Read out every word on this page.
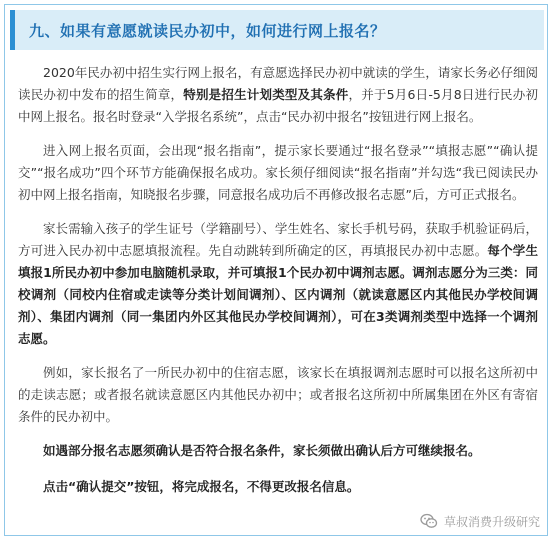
九、如果有意愿就读民办初中，如何进行网上报名？

2020年民办初中招生实行网上报名，有意愿选择民办初中就读的学生，请家长务必仔细阅读民办初中发布的招生简章，特别是招生计划类型及其条件，并于5月6日-5月8日进行民办初中网上报名。报名时登录“入学报名系统”，点击“民办初中报名”按钮进行网上报名。

进入网上报名页面，会出现“报名指南”，提示家长要通过“报名登录”“填报志愿”“确认提交”“报名成功”四个环节方能确保报名成功。家长须仔细阅读“报名指南”并勾选“我已阅读民办初中网上报名指南，知晓报名步骤，同意报名成功后不再修改报名志愿”后，方可正式报名。

家长需输入孩子的学生证号（学籍副号）、学生姓名、家长手机号码，获取手机验证码后，方可进入民办初中志愿填报流程。先自动跳转到所确定的区，再填报民办初中志愿。每个学生填报1所民办初中参加电脑随机录取，并可填报1个民办初中调剂志愿。调剂志愿分为三类：同校调剂（同校内住宿或走读等分类计划间调剂）、区内调剂（就读意愿区内其他民办学校间调剂）、集团内调剂（同一集团内外区其他民办学校间调剂），可在3类调剂类型中选择一个调剂志愿。

例如，家长报名了一所民办初中的住宿志愿，该家长在填报调剂志愿时可以报名这所初中的走读志愿；或者报名就读意愿区内其他民办初中；或者报名这所初中所属集团在外区有寄宿条件的民办初中。

如遇部分报名志愿须确认是否符合报名条件，家长须做出确认后方可继续报名。

点击“确认提交”按钮，将完成报名，不得更改报名信息。

草叔消费升级研究
